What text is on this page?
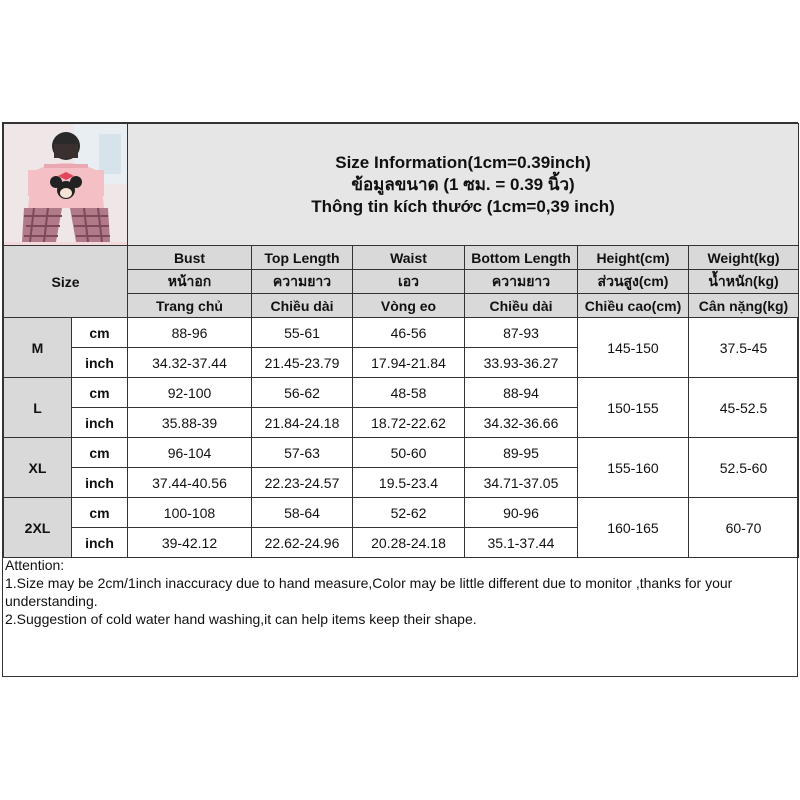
Size Information(1cm=0.39inch)
ข้อมูลขนาด (1 ซม. = 0.39 นิ้ว)
Thông tin kích thước (1cm=0,39 inch)					

Size		Bust	Top Length	Waist	Bottom Length	Height(cm)	Weight(kg)
		หน้าอก	ความยาว	เอว	ความยาว	ส่วนสูง(cm)	น้ำหนัก(kg)
		Trang chủ	Chiều dài	Vòng eo	Chiều dài	Chiều cao(cm)	Cân nặng(kg)
M	cm	88-96	55-61	46-56	87-93	145-150	37.5-45
	inch	34.32-37.44	21.45-23.79	17.94-21.84	33.93-36.27		
L	cm	92-100	56-62	48-58	88-94	150-155	45-52.5
	inch	35.88-39	21.84-24.18	18.72-22.62	34.32-36.66		
XL	cm	96-104	57-63	50-60	89-95	155-160	52.5-60
	inch	37.44-40.56	22.23-24.57	19.5-23.4	34.71-37.05		
2XL	cm	100-108	58-64	52-62	90-96	160-165	60-70
	inch	39-42.12	22.62-24.96	20.28-24.18	35.1-37.44		
Attention:
1.Size may be 2cm/1inch inaccuracy due to hand measure,Color may be little different due to monitor ,thanks for your understanding.
2.Suggestion of cold water hand washing,it can help items keep their shape.
